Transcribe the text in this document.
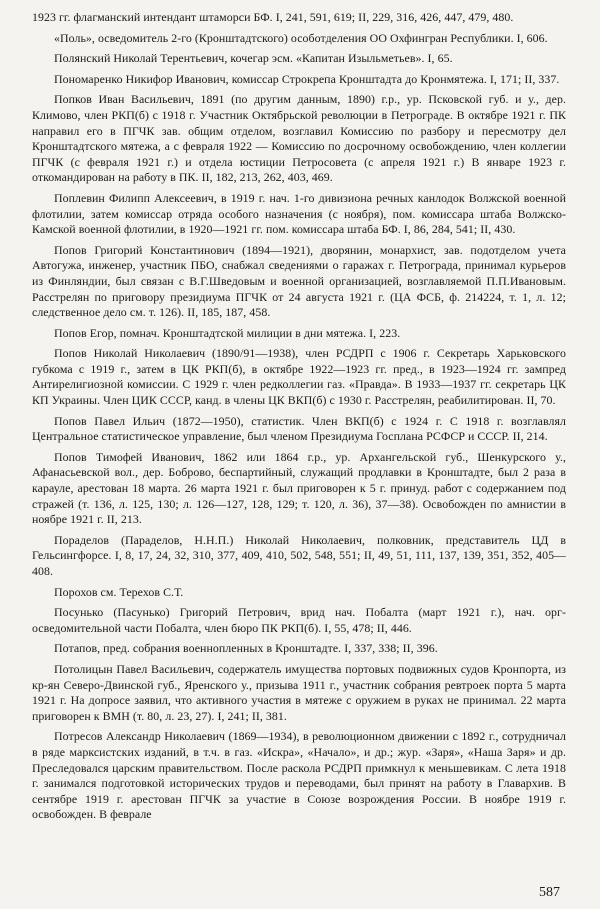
1923 гг. флагманский интендант штаморси БФ. I, 241, 591, 619; II, 229, 316, 426, 447, 479, 480.

«Поль», осведомитель 2-го (Кронштадтского) особотделения ОО Охфингран Республики. I, 606.

Полянский Николай Терентьевич, кочегар эсм. «Капитан Изыльметьев». I, 65.

Пономаренко Никифор Иванович, комиссар Строкрепа Кронштадта до Кронмятежа. I, 171; II, 337.

Попков Иван Васильевич, 1891 (по другим данным, 1890) г.р., ур. Псковской губ. и у., дер. Климово, член РКП(б) с 1918 г. Участник Октябрьской революции в Петрограде. В октябре 1921 г. ПК направил его в ПГЧК зав. общим отделом, возглавил Комиссию по разбору и пересмотру дел Кронштадтского мятежа, а с февраля 1922 — Комиссию по досрочному освобождению, член коллегии ПГЧК (с февраля 1921 г.) и отдела юстиции Петросовета (с апреля 1921 г.) В январе 1923 г. откомандирован на работу в ПК. II, 182, 213, 262, 403, 469.

Поплевин Филипп Алексеевич, в 1919 г. нач. 1-го дивизиона речных канлодок Волжской военной флотилии, затем комиссар отряда особого назначения (с ноября), пом. комиссара штаба Волжско-Камской военной флотилии, в 1920—1921 гг. пом. комиссара штаба БФ. I, 86, 284, 541; II, 430.

Попов Григорий Константинович (1894—1921), дворянин, монархист, зав. подотделом учета Автогужа, инженер, участник ПБО, снабжал сведениями о гаражах г. Петрограда, принимал курьеров из Финляндии, был связан с В.Г.Шведовым и военной организацией, возглавляемой П.П.Ивановым. Расстрелян по приговору президиума ПГЧК от 24 августа 1921 г. (ЦА ФСБ, ф. 214224, т. 1, л. 12; следственное дело см. т. 126). II, 185, 187, 458.

Попов Егор, помнач. Кронштадтской милиции в дни мятежа. I, 223.

Попов Николай Николаевич (1890/91—1938), член РСДРП с 1906 г. Секретарь Харьковского губкома с 1919 г., затем в ЦК РКП(б), в октябре 1922—1923 гг. пред., в 1923—1924 гг. зампред Антирелигиозной комиссии. С 1929 г. член редколлегии газ. «Правда». В 1933—1937 гг. секретарь ЦК КП Украины. Член ЦИК СССР, канд. в члены ЦК ВКП(б) с 1930 г. Расстрелян, реабилитирован. II, 70.

Попов Павел Ильич (1872—1950), статистик. Член ВКП(б) с 1924 г. С 1918 г. возглавлял Центральное статистическое управление, был членом Президиума Госплана РСФСР и СССР. II, 214.

Попов Тимофей Иванович, 1862 или 1864 г.р., ур. Архангельской губ., Шенкурского у., Афанасьевской вол., дер. Боброво, беспартийный, служащий продлавки в Кронштадте, был 2 раза в карауле, арестован 18 марта. 26 марта 1921 г. был приговорен к 5 г. принуд. работ с содержанием под стражей (т. 136, л. 125, 130; л. 126—127, 128, 129; т. 120, л. 36), 37—38). Освобожден по амнистии в ноябре 1921 г. II, 213.

Пораделов (Параделов, Н.Н.П.) Николай Николаевич, полковник, представитель ЦД в Гельсингфорсе. I, 8, 17, 24, 32, 310, 377, 409, 410, 502, 548, 551; II, 49, 51, 111, 137, 139, 351, 352, 405—408.

Порохов см. Терехов С.Т.

Посунько (Пасунько) Григорий Петрович, врид нач. Побалта (март 1921 г.), нач. орг-осведомительной части Побалта, член бюро ПК РКП(б). I, 55, 478; II, 446.

Потапов, пред. собрания военнопленных в Кронштадте. I, 337, 338; II, 396.

Потолицын Павел Васильевич, содержатель имущества портовых подвижных судов Кронпорта, из кр-ян Северо-Двинской губ., Яренского у., призыва 1911 г., участник собрания ревтроек порта 5 марта 1921 г. На допросе заявил, что активного участия в мятеже с оружием в руках не принимал. 22 марта приговорен к ВМН (т. 80, л. 23, 27). I, 241; II, 381.

Потресов Александр Николаевич (1869—1934), в революционном движении с 1892 г., сотрудничал в ряде марксистских изданий, в т.ч. в газ. «Искра», «Начало», и др.; жур. «Заря», «Наша Заря» и др. Преследовался царским правительством. После раскола РСДРП примкнул к меньшевикам. С лета 1918 г. занимался подготовкой исторических трудов и переводами, был принят на работу в Главархив. В сентябре 1919 г. арестован ПГЧК за участие в Союзе возрождения России. В ноябре 1919 г. освобожден. В феврале

587
